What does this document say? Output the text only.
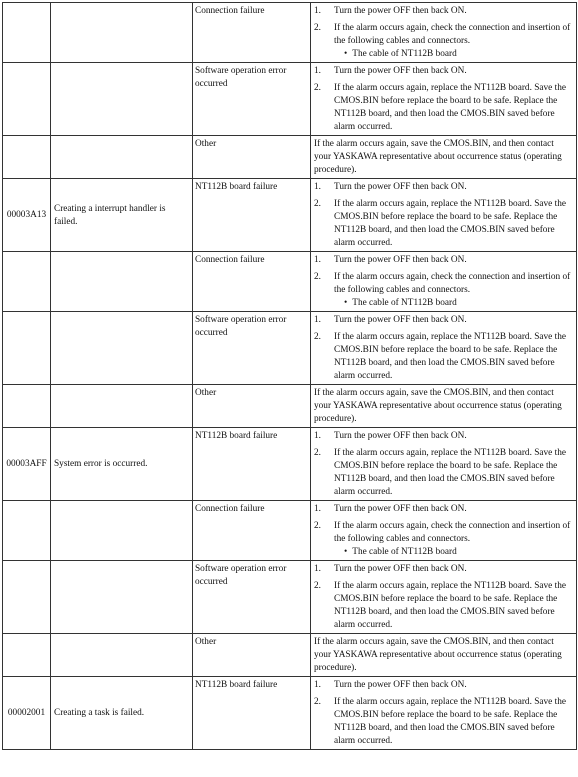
		Connection failure	1. Turn the power OFF then back ON.
2. If the alarm occurs again, check the connection and insertion of the following cables and connectors.
• The cable of NT112B board

		Software operation error occurred	1. Turn the power OFF then back ON.
2. If the alarm occurs again, replace the NT112B board. Save the CMOS.BIN before replace the board to be safe. Replace the NT112B board, and then load the CMOS.BIN saved before alarm occurred.

		Other	If the alarm occurs again, save the CMOS.BIN, and then contact your YASKAWA representative about occurrence status (operating procedure).

00003A13	Creating a interrupt handler is failed.	NT112B board failure	1. Turn the power OFF then back ON.
2. If the alarm occurs again, replace the NT112B board. Save the CMOS.BIN before replace the board to be safe. Replace the NT112B board, and then load the CMOS.BIN saved before alarm occurred.

		Connection failure	1. Turn the power OFF then back ON.
2. If the alarm occurs again, check the connection and insertion of the following cables and connectors.
• The cable of NT112B board

		Software operation error occurred	1. Turn the power OFF then back ON.
2. If the alarm occurs again, replace the NT112B board. Save the CMOS.BIN before replace the board to be safe. Replace the NT112B board, and then load the CMOS.BIN saved before alarm occurred.

		Other	If the alarm occurs again, save the CMOS.BIN, and then contact your YASKAWA representative about occurrence status (operating procedure).

00003AFF	System error is occurred.	NT112B board failure	1. Turn the power OFF then back ON.
2. If the alarm occurs again, replace the NT112B board. Save the CMOS.BIN before replace the board to be safe. Replace the NT112B board, and then load the CMOS.BIN saved before alarm occurred.

		Connection failure	1. Turn the power OFF then back ON.
2. If the alarm occurs again, check the connection and insertion of the following cables and connectors.
• The cable of NT112B board

		Software operation error occurred	1. Turn the power OFF then back ON.
2. If the alarm occurs again, replace the NT112B board. Save the CMOS.BIN before replace the board to be safe. Replace the NT112B board, and then load the CMOS.BIN saved before alarm occurred.

		Other	If the alarm occurs again, save the CMOS.BIN, and then contact your YASKAWA representative about occurrence status (operating procedure).

00002001	Creating a task is failed.	NT112B board failure	1. Turn the power OFF then back ON.
2. If the alarm occurs again, replace the NT112B board. Save the CMOS.BIN before replace the board to be safe. Replace the NT112B board, and then load the CMOS.BIN saved before alarm occurred.
